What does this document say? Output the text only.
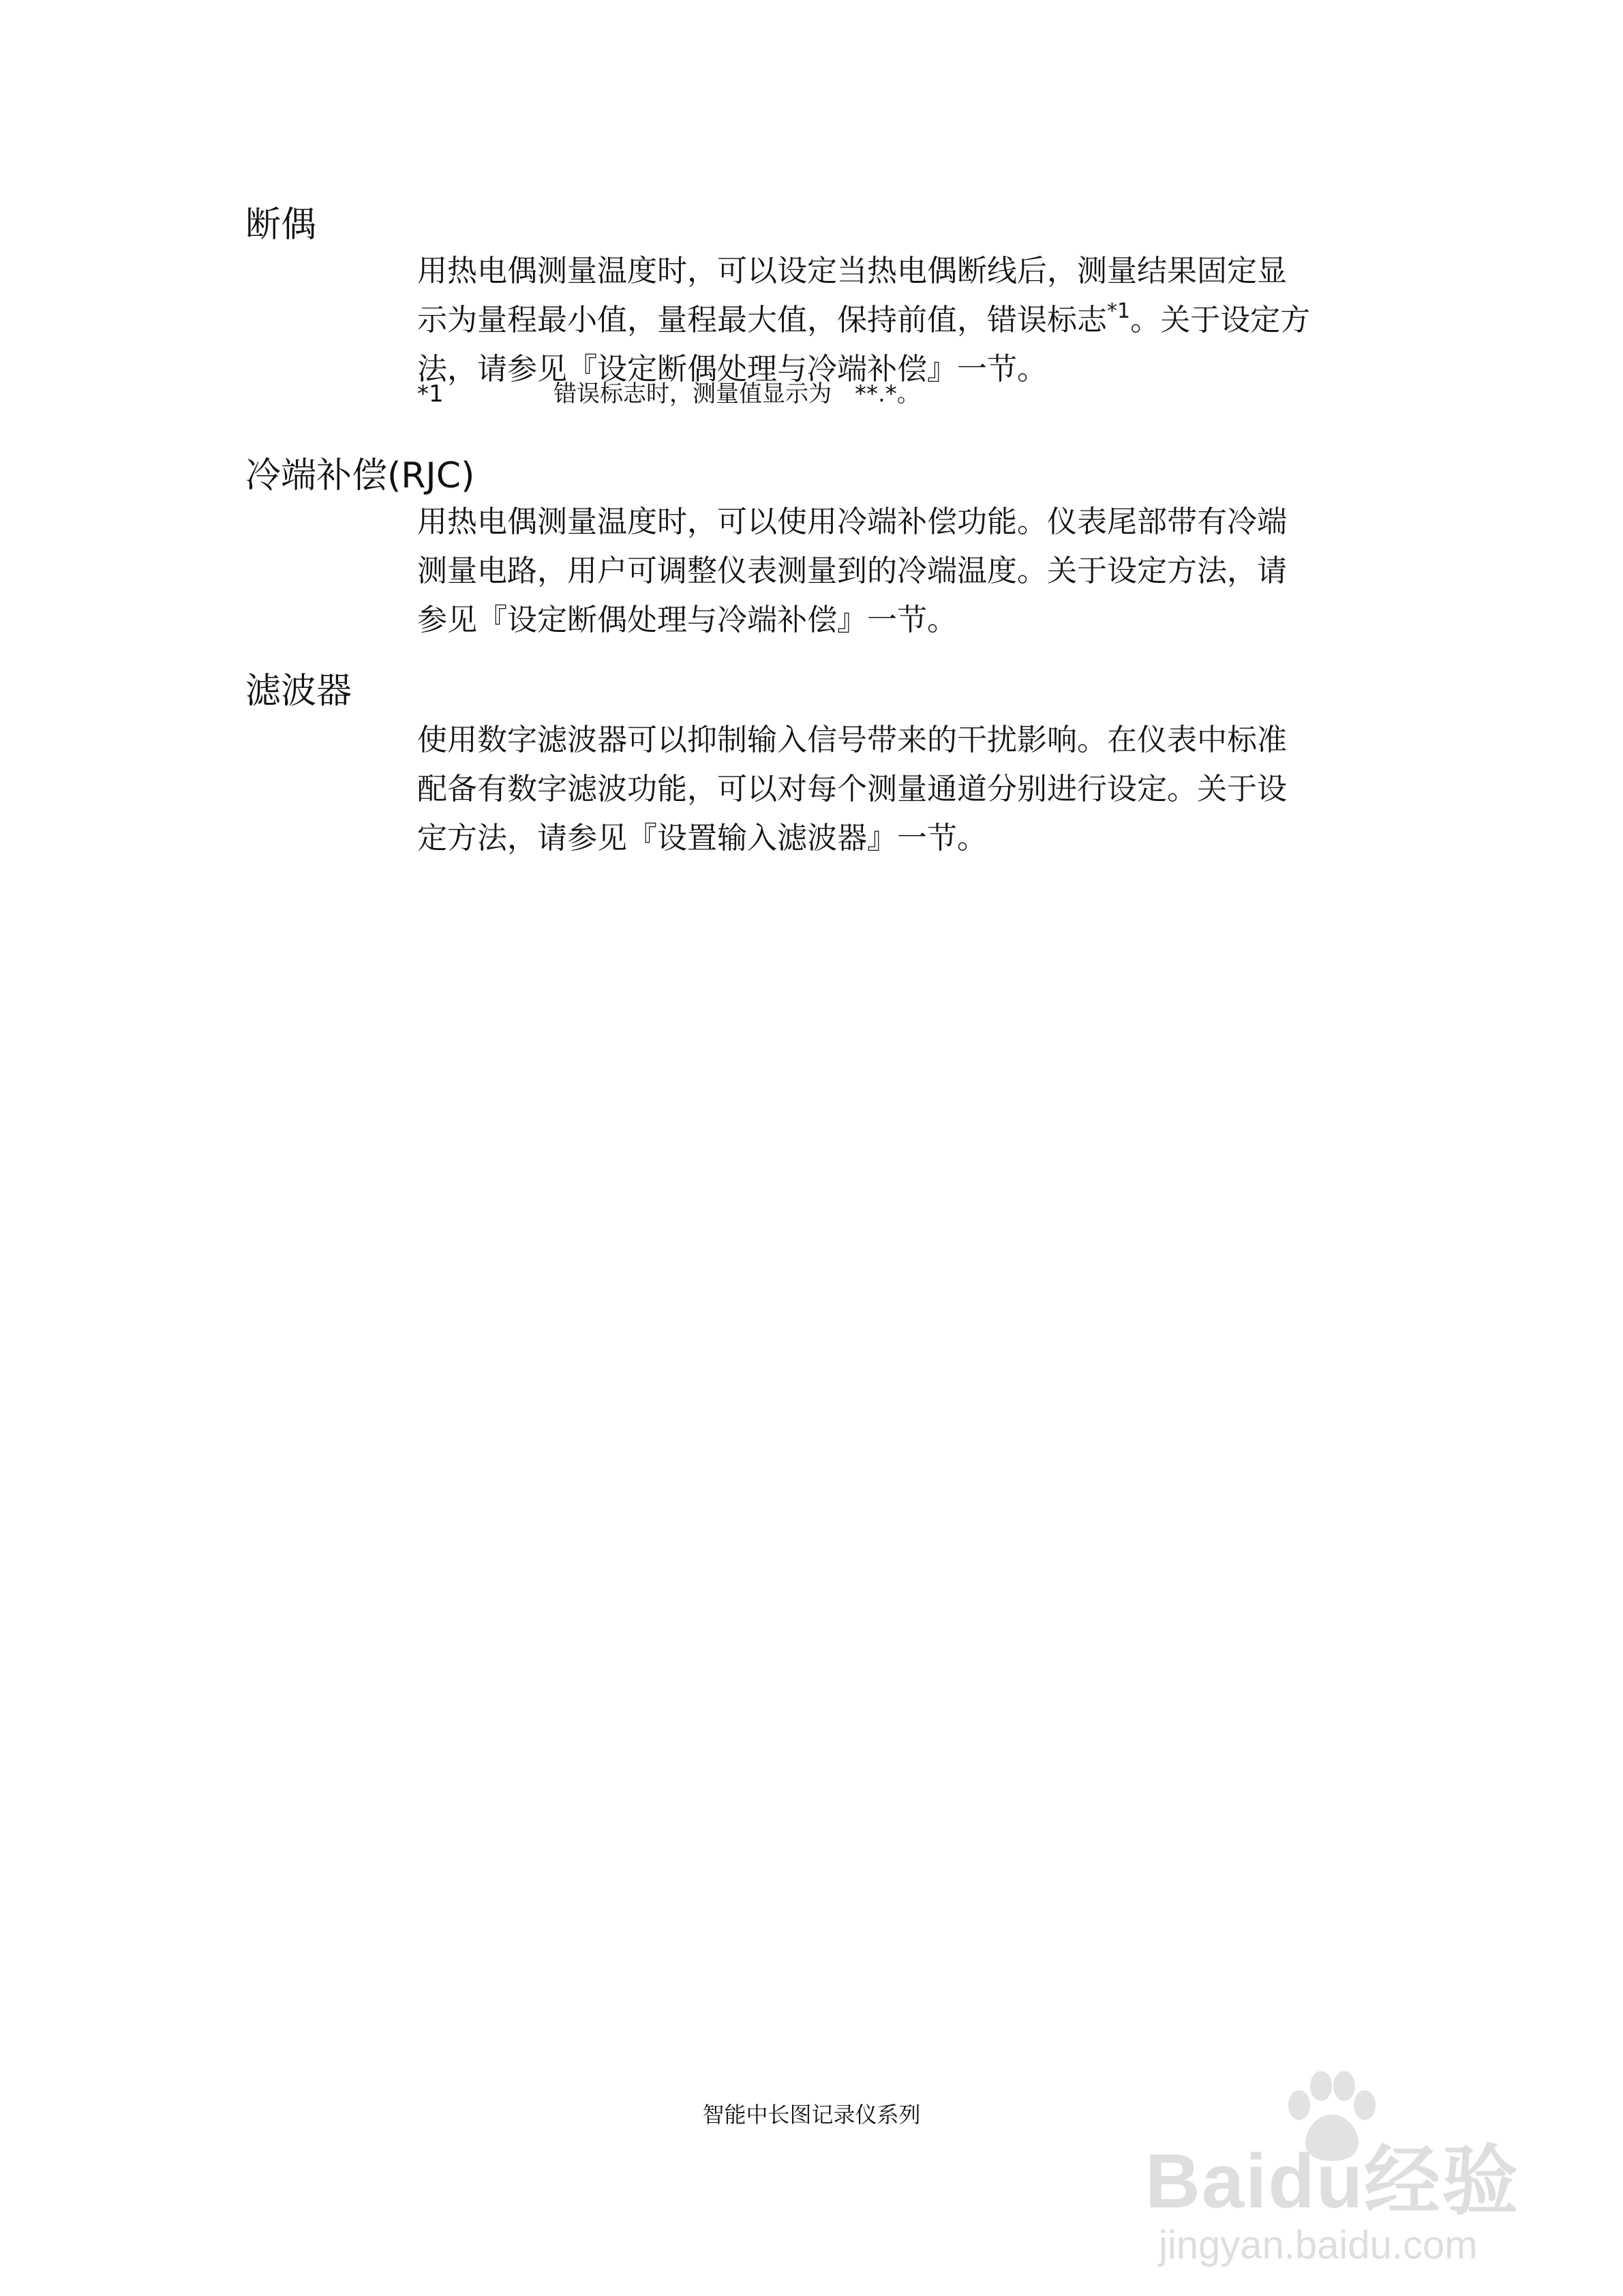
断偶
用热电偶测量温度时，可以设定当热电偶断线后，测量结果固定显
示为量程最小值，量程最大值，保持前值，错误标志$^{*1}$。关于设定方
法，请参见『设定断偶处理与冷端补偿』一节。
*1	错误标志时，测量值显示为　**.*。
冷端补偿(RJC)
用热电偶测量温度时，可以使用冷端补偿功能。仪表尾部带有冷端
测量电路，用户可调整仪表测量到的冷端温度。关于设定方法，请
参见『设定断偶处理与冷端补偿』一节。
滤波器
使用数字滤波器可以抑制输入信号带来的干扰影响。在仪表中标准
配备有数字滤波功能，可以对每个测量通道分别进行设定。关于设
定方法，请参见『设置输入滤波器』一节。
智能中长图记录仪系列
Baidu经验
jingyan.baidu.com
